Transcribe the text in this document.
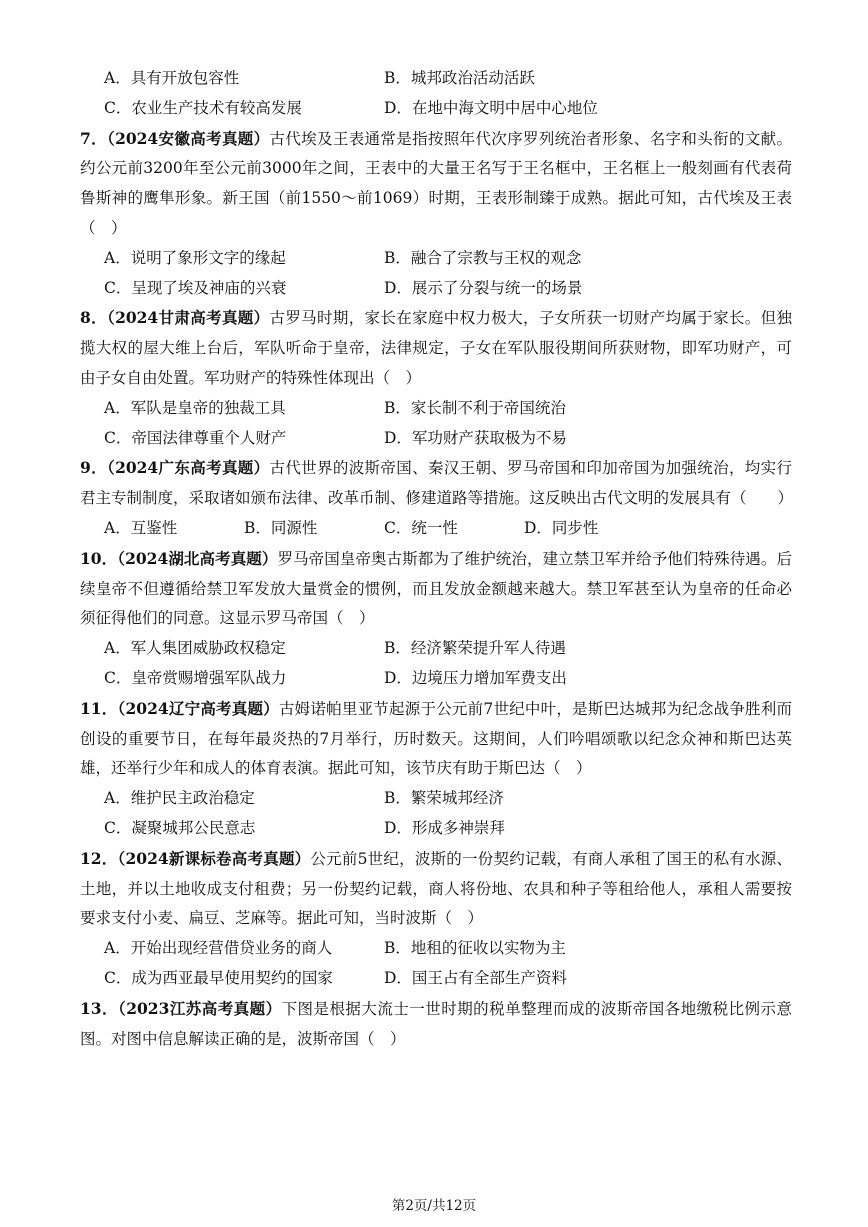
A．具有开放包容性	B．城邦政治活动活跃
C．农业生产技术有较高发展	D．在地中海文明中居中心地位
7．（2024安徽高考真题）古代埃及王表通常是指按照年代次序罗列统治者形象、名字和头衔的文献。约公元前3200年至公元前3000年之间，王表中的大量王名写于王名框中，王名框上一般刻画有代表荷鲁斯神的鹰隼形象。新王国（前1550～前1069）时期，王表形制臻于成熟。据此可知，古代埃及王表（　）
A．说明了象形文字的缘起	B．融合了宗教与王权的观念
C．呈现了埃及神庙的兴衰	D．展示了分裂与统一的场景
8．（2024甘肃高考真题）古罗马时期，家长在家庭中权力极大，子女所获一切财产均属于家长。但独揽大权的屋大维上台后，军队听命于皇帝，法律规定，子女在军队服役期间所获财物，即军功财产，可由子女自由处置。军功财产的特殊性体现出（　）
A．军队是皇帝的独裁工具	B．家长制不利于帝国统治
C．帝国法律尊重个人财产	D．军功财产获取极为不易
9．（2024广东高考真题）古代世界的波斯帝国、秦汉王朝、罗马帝国和印加帝国为加强统治，均实行君主专制制度，采取诸如颁布法律、改革币制、修建道路等措施。这反映出古代文明的发展具有（　　）
A．互鉴性	B．同源性	C．统一性	D．同步性
10．（2024湖北高考真题）罗马帝国皇帝奥古斯都为了维护统治，建立禁卫军并给予他们特殊待遇。后续皇帝不但遵循给禁卫军发放大量赏金的惯例，而且发放金额越来越大。禁卫军甚至认为皇帝的任命必须征得他们的同意。这显示罗马帝国（　）
A．军人集团威胁政权稳定	B．经济繁荣提升军人待遇
C．皇帝赏赐增强军队战力	D．边境压力增加军费支出
11．（2024辽宁高考真题）古姆诺帕里亚节起源于公元前7世纪中叶，是斯巴达城邦为纪念战争胜利而创设的重要节日，在每年最炎热的7月举行，历时数天。这期间，人们吟唱颂歌以纪念众神和斯巴达英雄，还举行少年和成人的体育表演。据此可知，该节庆有助于斯巴达（　）
A．维护民主政治稳定	B．繁荣城邦经济
C．凝聚城邦公民意志	D．形成多神崇拜
12．（2024新课标卷高考真题）公元前5世纪，波斯的一份契约记载，有商人承租了国王的私有水源、土地，并以土地收成支付租费；另一份契约记载，商人将份地、农具和种子等租给他人，承租人需要按要求支付小麦、扁豆、芝麻等。据此可知，当时波斯（　）
A．开始出现经营借贷业务的商人	B．地租的征收以实物为主
C．成为西亚最早使用契约的国家	D．国王占有全部生产资料
13．（2023江苏高考真题）下图是根据大流士一世时期的税单整理而成的波斯帝国各地缴税比例示意图。对图中信息解读正确的是，波斯帝国（　）
第2页/共12页
